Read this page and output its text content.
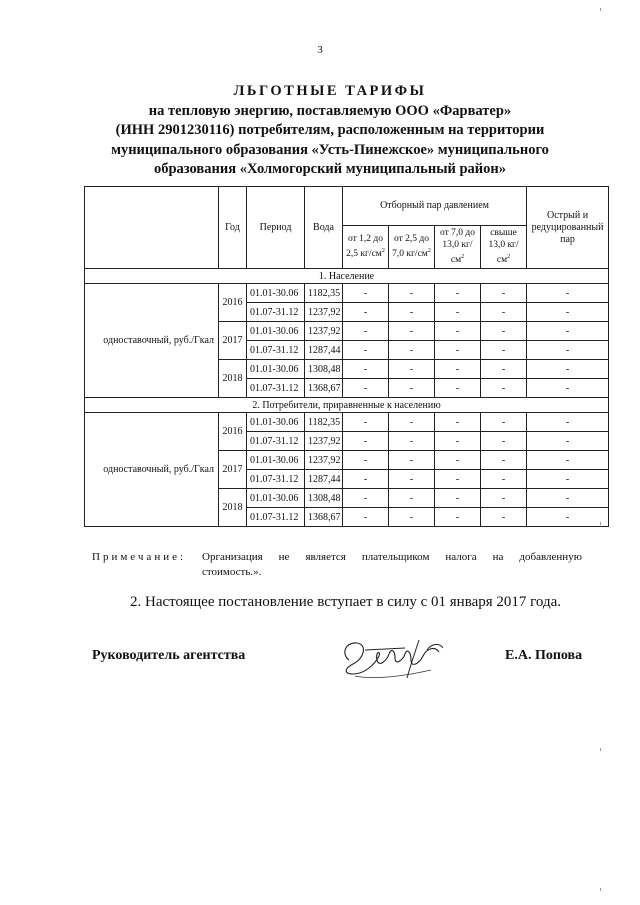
3
ЛЬГОТНЫЕ ТАРИФЫ
на тепловую энергию, поставляемую ООО «Фарватер»
(ИНН 2901230116) потребителям, расположенным на территории
муниципального образования «Усть-Пинежское» муниципального
образования «Холмогорский муниципальный район»
	Год	Период	Вода	Отборный пар давлением				Острый и редуцированный пар
				от 1,2 до 2,5 $кг/см^2$	от 2,5 до 7,0 $кг/см^2$	от 7,0 до 13,0 $кг/см^2$	свыше 13,0 $кг/см^2$
1. Население								
одноставочный, руб./Гкал	2016	01.01-30.06	1182,35	-	-	-	-	-
		01.07-31.12	1237,92	-	-	-	-	-
	2017	01.01-30.06	1237,92	-	-	-	-	-
		01.07-31.12	1287,44	-	-	-	-	-
	2018	01.01-30.06	1308,48	-	-	-	-	-
		01.07-31.12	1368,67	-	-	-	-	-
2. Потребители, приравненные к населению								
одноставочный, руб./Гкал	2016	01.01-30.06	1182,35	-	-	-	-	-
		01.07-31.12	1237,92	-	-	-	-	-
	2017	01.01-30.06	1237,92	-	-	-	-	-
		01.07-31.12	1287,44	-	-	-	-	-
	2018	01.01-30.06	1308,48	-	-	-	-	-
		01.07-31.12	1368,67	-	-	-	-	-
Примечание: Организация не является плательщиком налога на добавленную
стоимость.».
2. Настоящее постановление вступает в силу с 01 января 2017 года.
Руководитель агентства	Е.А. Попова
